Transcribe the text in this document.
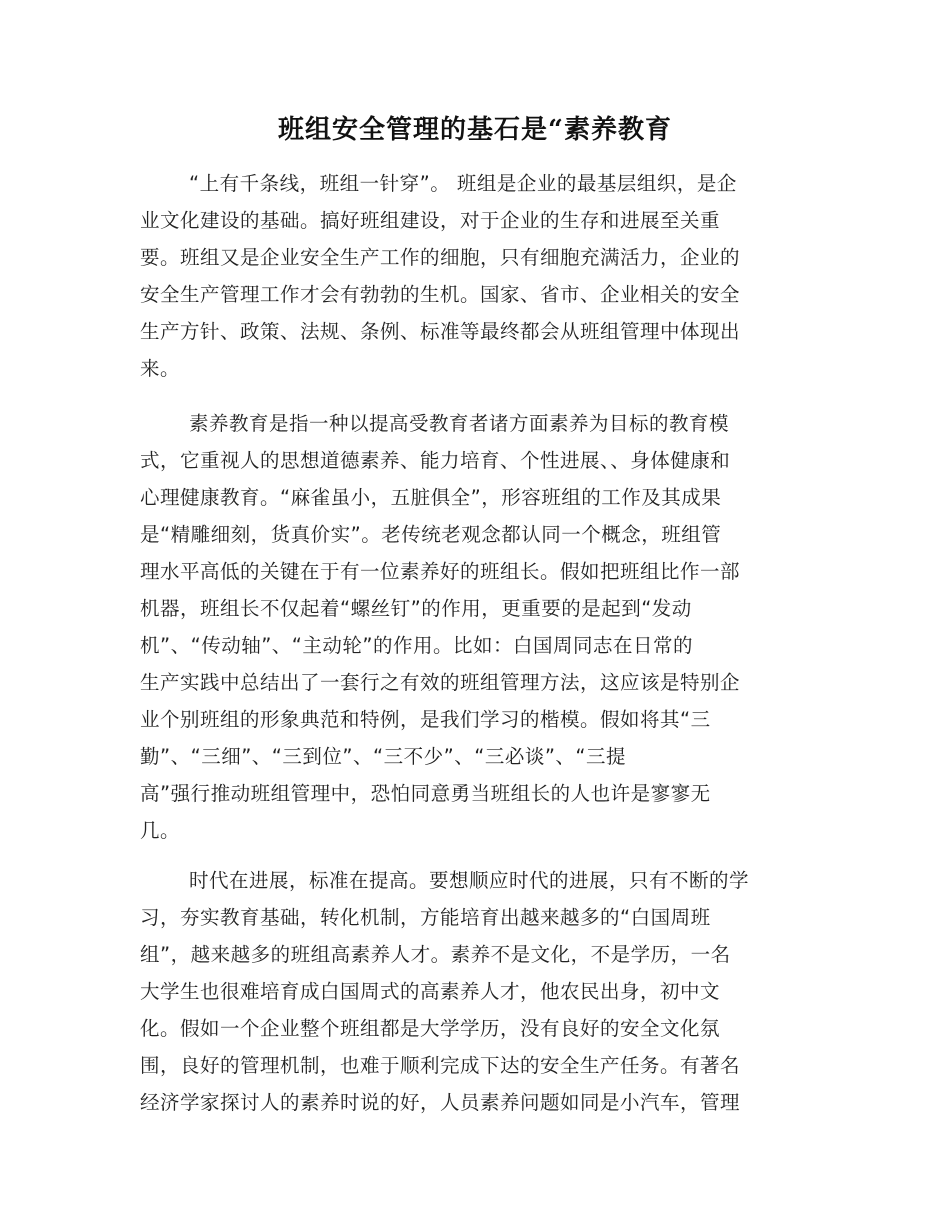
班组安全管理的基石是“素养教育
“上有千条线，班组一针穿”。 班组是企业的最基层组织，是企
业文化建设的基础。搞好班组建设，对于企业的生存和进展至关重
要。班组又是企业安全生产工作的细胞，只有细胞充满活力，企业的
安全生产管理工作才会有勃勃的生机。国家、省市、企业相关的安全
生产方针、政策、法规、条例、标准等最终都会从班组管理中体现出
来。
素养教育是指一种以提高受教育者诸方面素养为目标的教育模
式，它重视人的思想道德素养、能力培育、个性进展、、身体健康和
心理健康教育。“麻雀虽小，五脏俱全”，形容班组的工作及其成果
是“精雕细刻，货真价实”。老传统老观念都认同一个概念，班组管
理水平高低的关键在于有一位素养好的班组长。假如把班组比作一部
机器，班组长不仅起着“螺丝钉”的作用，更重要的是起到“发动
机”、“传动轴”、“主动轮”的作用。比如：白国周同志在日常的
生产实践中总结出了一套行之有效的班组管理方法，这应该是特别企
业个别班组的形象典范和特例，是我们学习的楷模。假如将其“三
勤”、“三细”、“三到位”、“三不少”、“三必谈”、“三提
高”强行推动班组管理中，恐怕同意勇当班组长的人也许是寥寥无
几。
时代在进展，标准在提高。要想顺应时代的进展，只有不断的学
习，夯实教育基础，转化机制，方能培育出越来越多的“白国周班
组”，越来越多的班组高素养人才。素养不是文化，不是学历，一名
大学生也很难培育成白国周式的高素养人才，他农民出身，初中文
化。假如一个企业整个班组都是大学学历，没有良好的安全文化氛
围，良好的管理机制，也难于顺利完成下达的安全生产任务。有著名
经济学家探讨人的素养时说的好，人员素养问题如同是小汽车，管理
